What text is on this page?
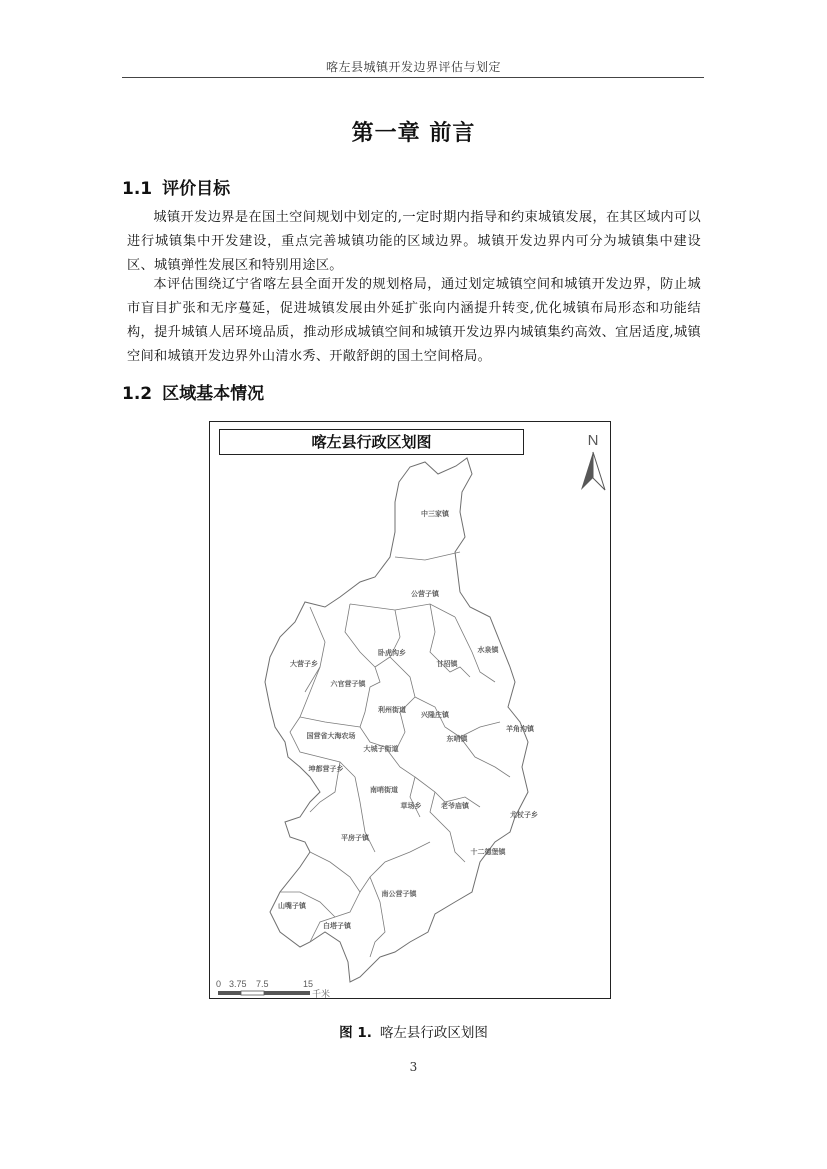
喀左县城镇开发边界评估与划定
第一章 前言
1.1 评价目标
城镇开发边界是在国土空间规划中划定的,一定时期内指导和约束城镇发展，在其区域内可以进行城镇集中开发建设，重点完善城镇功能的区域边界。城镇开发边界内可分为城镇集中建设区、城镇弹性发展区和特别用途区。
本评估围绕辽宁省喀左县全面开发的规划格局，通过划定城镇空间和城镇开发边界，防止城市盲目扩张和无序蔓延，促进城镇发展由外延扩张向内涵提升转变,优化城镇布局形态和功能结构，提升城镇人居环境品质，推动形成城镇空间和城镇开发边界内城镇集约高效、宜居适度,城镇空间和城镇开发边界外山清水秀、开敞舒朗的国土空间格局。
1.2 区域基本情况
喀左县行政区划图	N
中三家镇
公营子镇
水泉镇
大营子乡
卧虎沟乡
甘招镇
六官营子镇
利州街道
兴隆庄镇
羊角沟镇
国营省大海农场
大城子街道
东哨镇
坤都营子乡
南哨街道
草场乡	老爷庙镇
尤杖子乡
平房子镇
十二德堡镇
南公营子镇
山嘴子镇
白塔子镇
0 3.75 7.5	15
千米
图 1. 喀左县行政区划图
3
